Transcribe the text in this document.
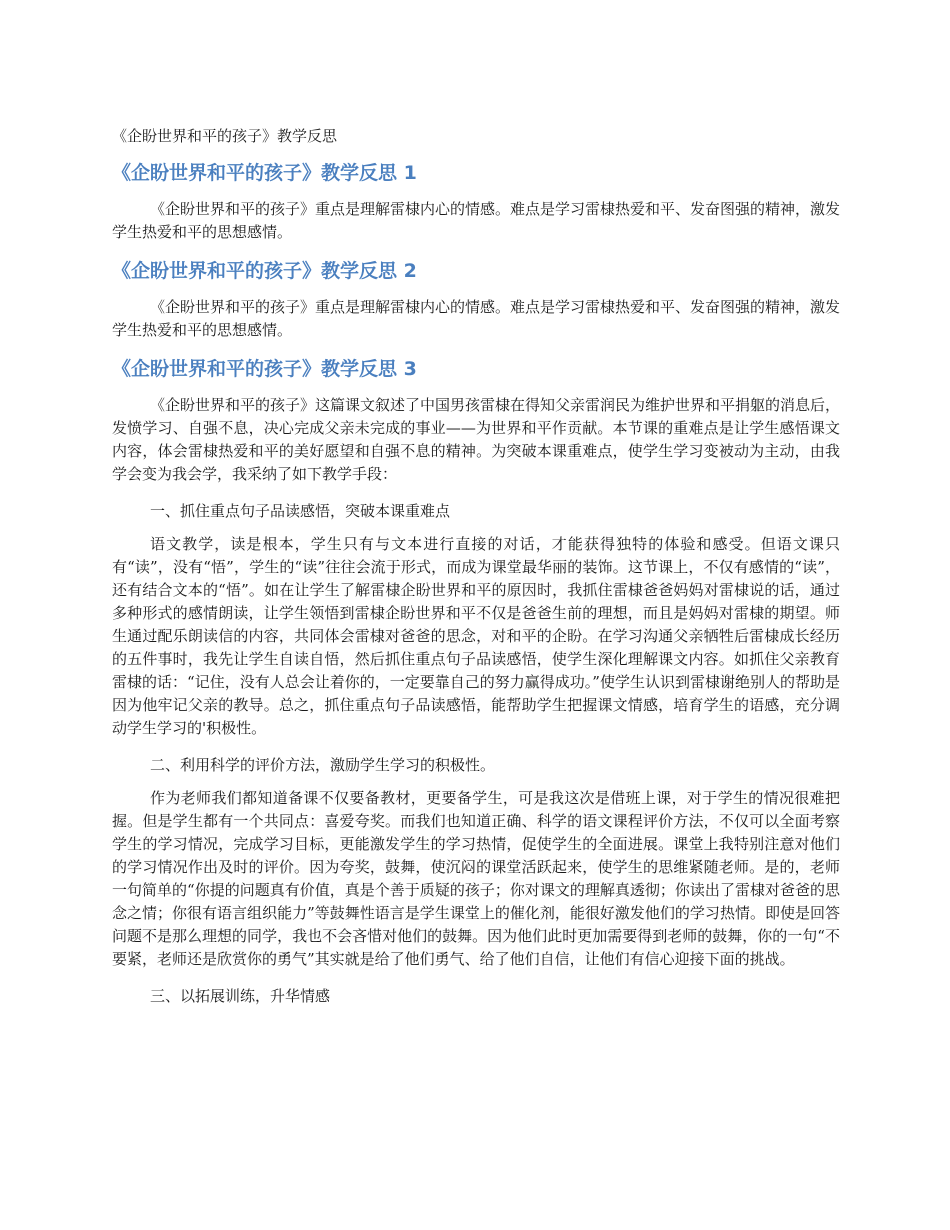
《企盼世界和平的孩子》教学反思
《企盼世界和平的孩子》教学反思 1

《企盼世界和平的孩子》重点是理解雷棣内心的情感。难点是学习雷棣热爱和平、发奋图强的精神，激发学生热爱和平的思想感情。

《企盼世界和平的孩子》教学反思 2

《企盼世界和平的孩子》重点是理解雷棣内心的情感。难点是学习雷棣热爱和平、发奋图强的精神，激发学生热爱和平的思想感情。

《企盼世界和平的孩子》教学反思 3

《企盼世界和平的孩子》这篇课文叙述了中国男孩雷棣在得知父亲雷润民为维护世界和平捐躯的消息后，发愤学习、自强不息，决心完成父亲未完成的事业——为世界和平作贡献。本节课的重难点是让学生感悟课文内容，体会雷棣热爱和平的美好愿望和自强不息的精神。为突破本课重难点，使学生学习变被动为主动，由我学会变为我会学，我采纳了如下教学手段：

一、抓住重点句子品读感悟，突破本课重难点

语文教学，读是根本，学生只有与文本进行直接的对话，才能获得独特的体验和感受。但语文课只有“读”，没有“悟”，学生的“读”往往会流于形式，而成为课堂最华丽的装饰。这节课上，不仅有感情的“读”，还有结合文本的“悟”。如在让学生了解雷棣企盼世界和平的原因时，我抓住雷棣爸爸妈妈对雷棣说的话，通过多种形式的感情朗读，让学生领悟到雷棣企盼世界和平不仅是爸爸生前的理想，而且是妈妈对雷棣的期望。师生通过配乐朗读信的内容，共同体会雷棣对爸爸的思念，对和平的企盼。在学习沟通父亲牺牲后雷棣成长经历的五件事时，我先让学生自读自悟，然后抓住重点句子品读感悟，使学生深化理解课文内容。如抓住父亲教育雷棣的话：“记住，没有人总会让着你的，一定要靠自己的努力赢得成功。”使学生认识到雷棣谢绝别人的帮助是因为他牢记父亲的教导。总之，抓住重点句子品读感悟，能帮助学生把握课文情感，培育学生的语感，充分调动学生学习的'积极性。

二、利用科学的评价方法，激励学生学习的积极性。

作为老师我们都知道备课不仅要备教材，更要备学生，可是我这次是借班上课，对于学生的情况很难把握。但是学生都有一个共同点：喜爱夸奖。而我们也知道正确、科学的语文课程评价方法，不仅可以全面考察学生的学习情况，完成学习目标，更能激发学生的学习热情，促使学生的全面进展。课堂上我特别注意对他们的学习情况作出及时的评价。因为夸奖，鼓舞，使沉闷的课堂活跃起来，使学生的思维紧随老师。是的，老师一句简单的“你提的问题真有价值，真是个善于质疑的孩子；你对课文的理解真透彻；你读出了雷棣对爸爸的思念之情；你很有语言组织能力”等鼓舞性语言是学生课堂上的催化剂，能很好激发他们的学习热情。即使是回答问题不是那么理想的同学，我也不会吝惜对他们的鼓舞。因为他们此时更加需要得到老师的鼓舞，你的一句“不要紧，老师还是欣赏你的勇气”其实就是给了他们勇气、给了他们自信，让他们有信心迎接下面的挑战。

三、以拓展训练，升华情感
